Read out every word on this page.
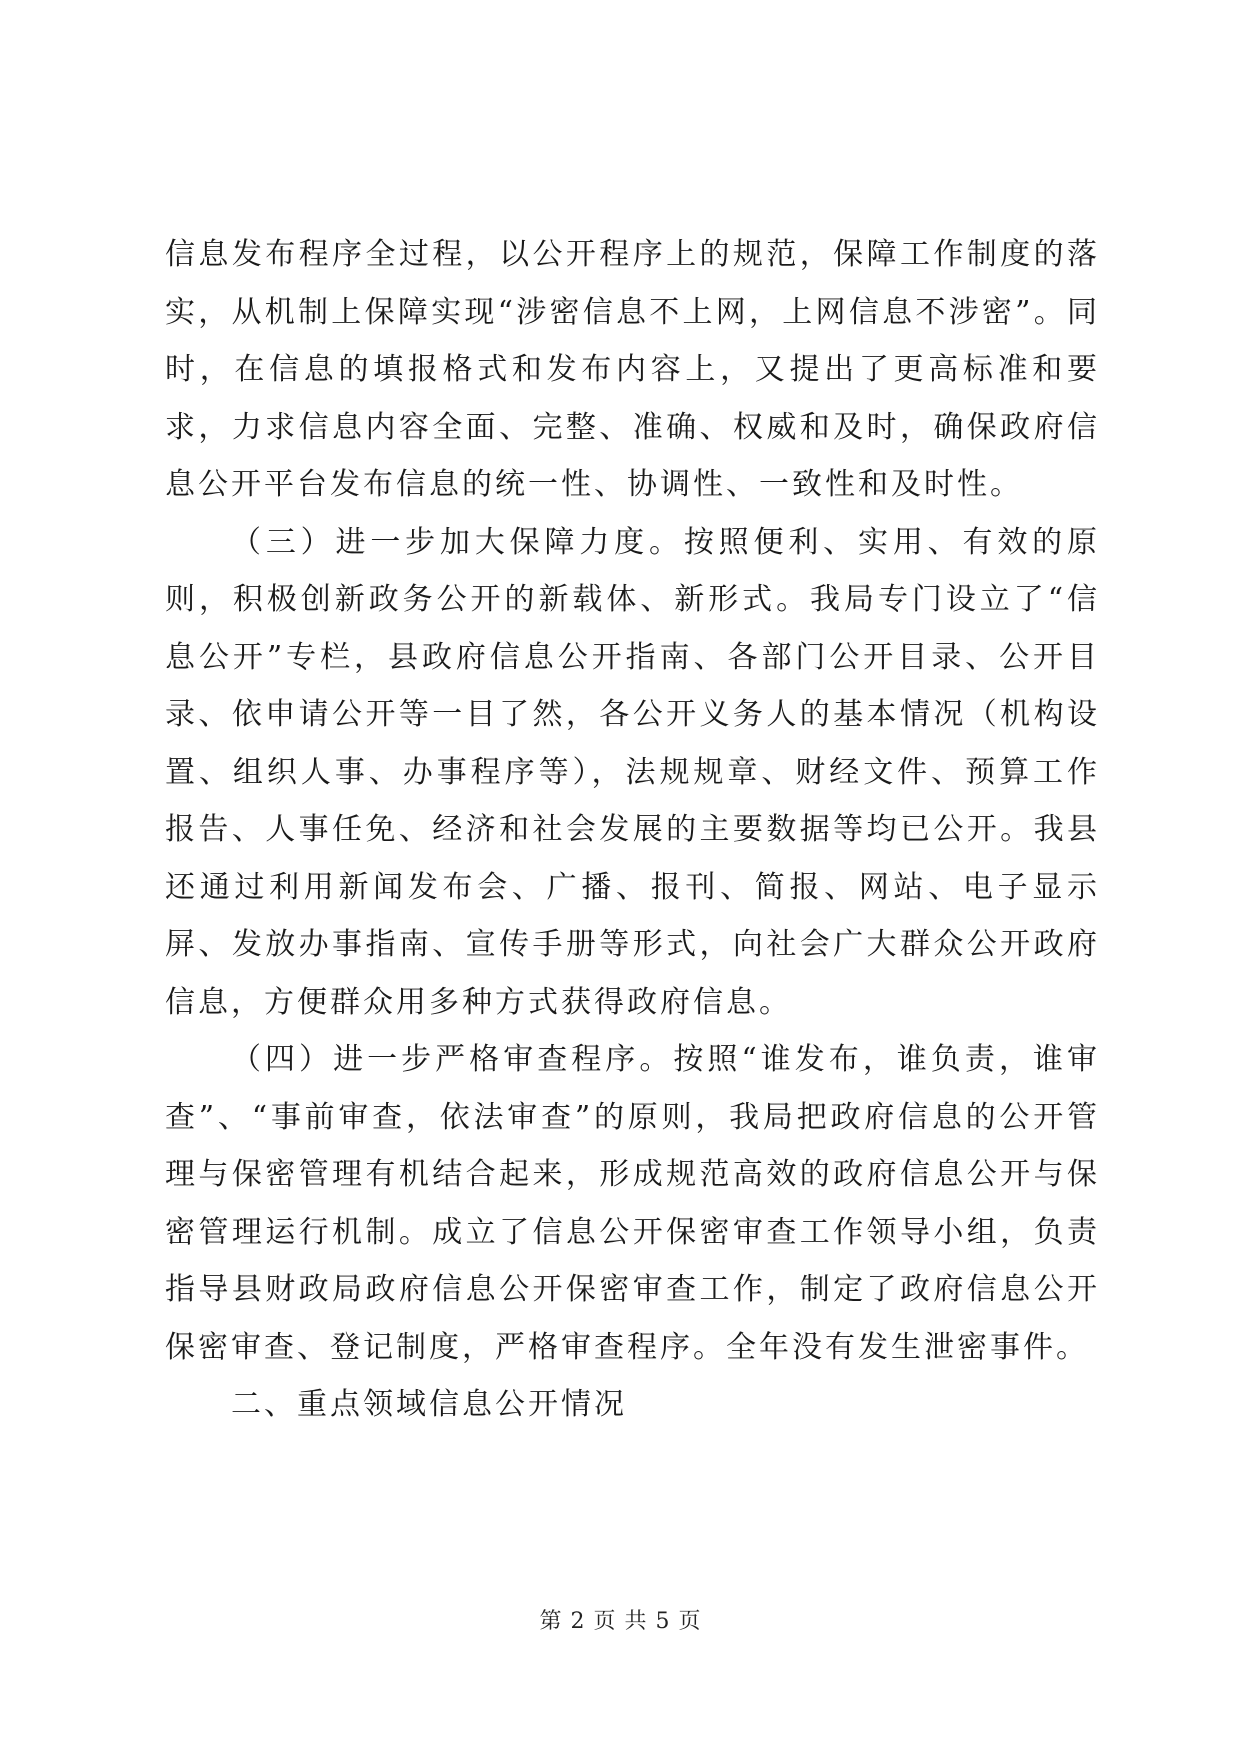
信息发布程序全过程，以公开程序上的规范，保障工作制度的落实，从机制上保障实现“涉密信息不上网，上网信息不涉密”。同时，在信息的填报格式和发布内容上，又提出了更高标准和要求，力求信息内容全面、完整、准确、权威和及时，确保政府信息公开平台发布信息的统一性、协调性、一致性和及时性。

（三）进一步加大保障力度。按照便利、实用、有效的原则，积极创新政务公开的新载体、新形式。我局专门设立了“信息公开”专栏，县政府信息公开指南、各部门公开目录、公开目录、依申请公开等一目了然，各公开义务人的基本情况（机构设置、组织人事、办事程序等），法规规章、财经文件、预算工作报告、人事任免、经济和社会发展的主要数据等均已公开。我县还通过利用新闻发布会、广播、报刊、简报、网站、电子显示屏、发放办事指南、宣传手册等形式，向社会广大群众公开政府信息，方便群众用多种方式获得政府信息。

（四）进一步严格审查程序。按照“谁发布，谁负责，谁审查”、“事前审查，依法审查”的原则，我局把政府信息的公开管理与保密管理有机结合起来，形成规范高效的政府信息公开与保密管理运行机制。成立了信息公开保密审查工作领导小组，负责指导县财政局政府信息公开保密审查工作，制定了政府信息公开保密审查、登记制度，严格审查程序。全年没有发生泄密事件。

二、重点领域信息公开情况

第 2 页 共 5 页
